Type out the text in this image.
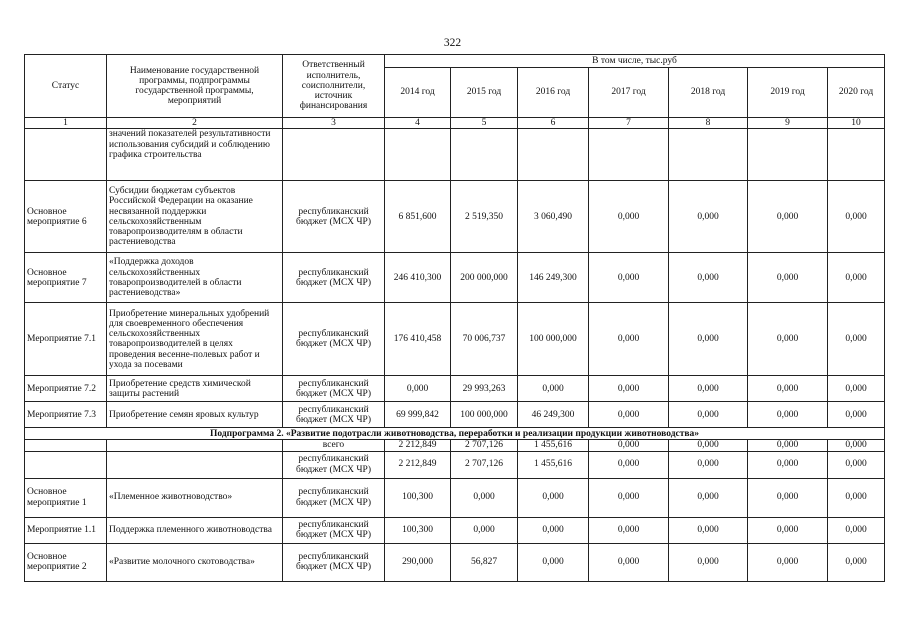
322
Статус	Наименование государственной программы, подпрограммы государственной программы, мероприятий	Ответственный исполнитель, соисполнители, источник финансирования	В том числе, тыс.руб						
			2014 год	2015 год	2016 год	2017 год	2018 год	2019 год	2020 год
1	2	3	4	5	6	7	8	9	10
	значений показателей результативности использования субсидий и соблюдению графика строительства								
Основное мероприятие 6	Субсидии бюджетам субъектов Российской Федерации на оказание несвязанной поддержки сельскохозяйственным товаропроизводителям в области растениеводства	республиканский бюджет (МСХ ЧР)	6 851,600	2 519,350	3 060,490	0,000	0,000	0,000	0,000
Основное мероприятие 7	«Поддержка доходов сельскохозяйственных товаропроизводителей в области растениеводства»	республиканский бюджет (МСХ ЧР)	246 410,300	200 000,000	146 249,300	0,000	0,000	0,000	0,000
Мероприятие 7.1	Приобретение минеральных удобрений для своевременного обеспечения сельскохозяйственных товаропроизводителей в целях проведения весенне-полевых работ и ухода за посевами	республиканский бюджет (МСХ ЧР)	176 410,458	70 006,737	100 000,000	0,000	0,000	0,000	0,000
Мероприятие 7.2	Приобретение средств химической защиты растений	республиканский бюджет (МСХ ЧР)	0,000	29 993,263	0,000	0,000	0,000	0,000	0,000
Мероприятие 7.3	Приобретение семян яровых культур	республиканский бюджет (МСХ ЧР)	69 999,842	100 000,000	46 249,300	0,000	0,000	0,000	0,000
Подпрограмма 2. «Развитие подотрасли животноводства, переработки и реализации продукции животноводства»									
		всего	2 212,849	2 707,126	1 455,616	0,000	0,000	0,000	0,000
		республиканский бюджет (МСХ ЧР)	2 212,849	2 707,126	1 455,616	0,000	0,000	0,000	0,000
Основное мероприятие 1	«Племенное животноводство»	республиканский бюджет (МСХ ЧР)	100,300	0,000	0,000	0,000	0,000	0,000	0,000
Мероприятие 1.1	Поддержка племенного животноводства	республиканский бюджет (МСХ ЧР)	100,300	0,000	0,000	0,000	0,000	0,000	0,000
Основное мероприятие 2	«Развитие молочного скотоводства»	республиканский бюджет (МСХ ЧР)	290,000	56,827	0,000	0,000	0,000	0,000	0,000
